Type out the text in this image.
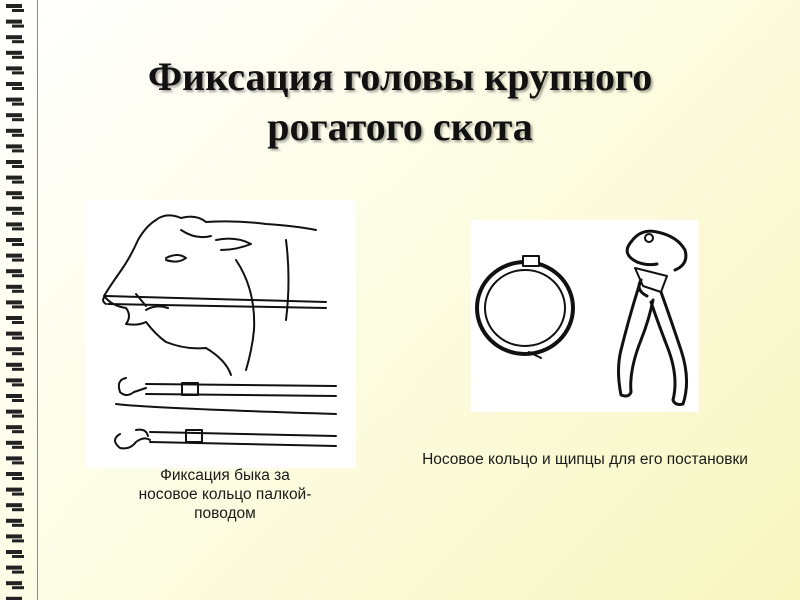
Фиксация головы крупного
рогатого скота
Фиксация быка за
носовое кольцо палкой-
поводом
Носовое кольцо и щипцы для его постановки
